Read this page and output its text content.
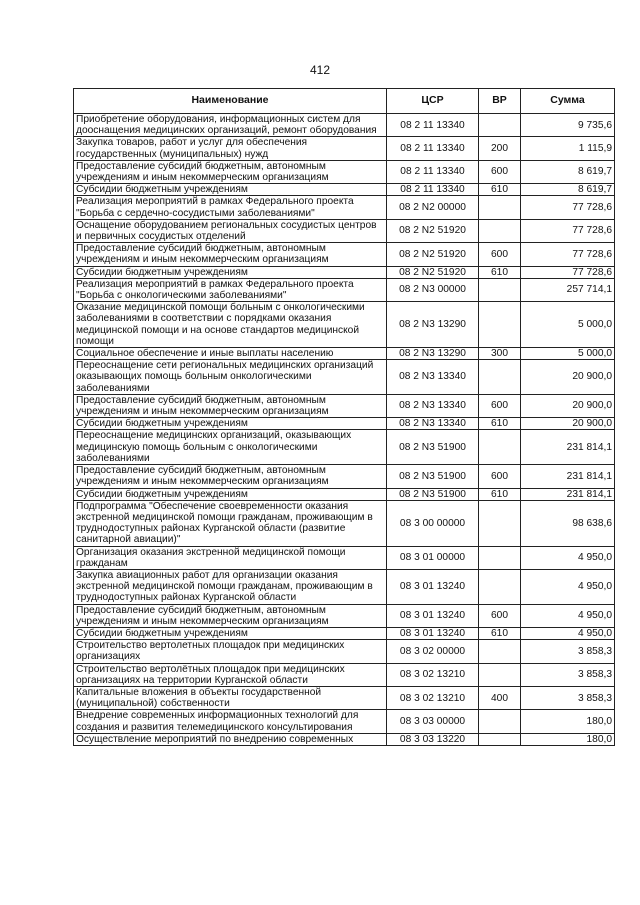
412
Наименование	ЦСР	ВР	Сумма
Приобретение оборудования, информационных систем для дооснащения медицинских организаций, ремонт оборудования	08 2 11 13340		9 735,6
Закупка товаров, работ и услуг для обеспечения государственных (муниципальных) нужд	08 2 11 13340	200	1 115,9
Предоставление субсидий бюджетным, автономным учреждениям и иным некоммерческим организациям	08 2 11 13340	600	8 619,7
Субсидии бюджетным учреждениям	08 2 11 13340	610	8 619,7
Реализация мероприятий в рамках Федерального проекта "Борьба с сердечно-сосудистыми заболеваниями"	08 2 N2 00000		77 728,6
Оснащение оборудованием региональных сосудистых центров и первичных сосудистых отделений	08 2 N2 51920		77 728,6
Предоставление субсидий бюджетным, автономным учреждениям и иным некоммерческим организациям	08 2 N2 51920	600	77 728,6
Субсидии бюджетным учреждениям	08 2 N2 51920	610	77 728,6
Реализация мероприятий в рамках Федерального проекта "Борьба с онкологическими заболеваниями"	08 2 N3 00000		257 714,1
Оказание медицинской помощи больным с онкологическими заболеваниями в соответствии с порядками оказания медицинской помощи и на основе стандартов медицинской помощи	08 2 N3 13290		5 000,0
Социальное обеспечение и иные выплаты населению	08 2 N3 13290	300	5 000,0
Переоснащение сети региональных медицинских организаций оказывающих помощь больным онкологическими заболеваниями	08 2 N3 13340		20 900,0
Предоставление субсидий бюджетным, автономным учреждениям и иным некоммерческим организациям	08 2 N3 13340	600	20 900,0
Субсидии бюджетным учреждениям	08 2 N3 13340	610	20 900,0
Переоснащение медицинских организаций, оказывающих медицинскую помощь больным с онкологическими заболеваниями	08 2 N3 51900		231 814,1
Предоставление субсидий бюджетным, автономным учреждениям и иным некоммерческим организациям	08 2 N3 51900	600	231 814,1
Субсидии бюджетным учреждениям	08 2 N3 51900	610	231 814,1
Подпрограмма "Обеспечение своевременности оказания экстренной медицинской помощи гражданам, проживающим в труднодоступных районах Курганской области (развитие санитарной авиации)"	08 3 00 00000		98 638,6
Организация оказания экстренной медицинской помощи гражданам	08 3 01 00000		4 950,0
Закупка авиационных работ для организации оказания экстренной медицинской помощи гражданам, проживающим в труднодоступных районах Курганской области	08 3 01 13240		4 950,0
Предоставление субсидий бюджетным, автономным учреждениям и иным некоммерческим организациям	08 3 01 13240	600	4 950,0
Субсидии бюджетным учреждениям	08 3 01 13240	610	4 950,0
Строительство вертолетных площадок при медицинских организациях	08 3 02 00000		3 858,3
Строительство вертолётных площадок при медицинских организациях на территории Курганской области	08 3 02 13210		3 858,3
Капитальные вложения в объекты государственной (муниципальной) собственности	08 3 02 13210	400	3 858,3
Внедрение современных информационных технологий для создания и развития телемедицинского консультирования	08 3 03 00000		180,0
Осуществление мероприятий по внедрению современных	08 3 03 13220		180,0
